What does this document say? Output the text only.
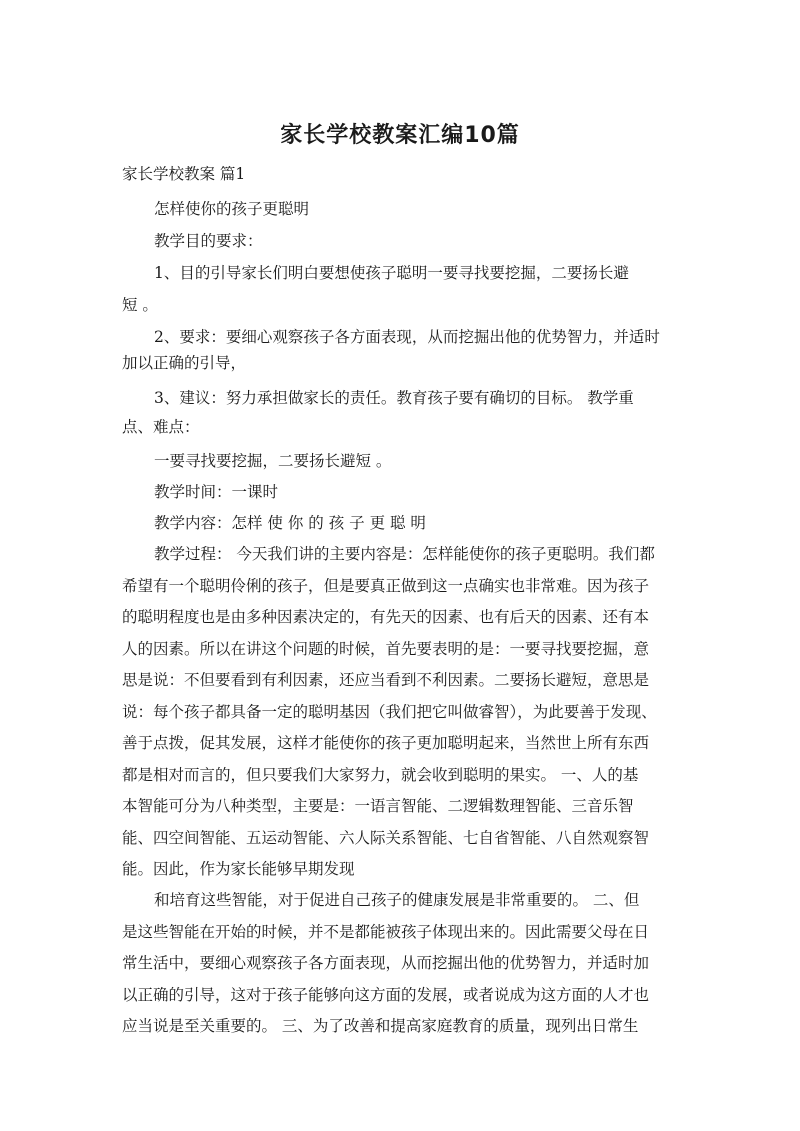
家长学校教案汇编10篇
家长学校教案 篇1
怎样使你的孩子更聪明
教学目的要求：
1、目的引导家长们明白要想使孩子聪明一要寻找要挖掘，二要扬长避
短 。
2、要求：要细心观察孩子各方面表现，从而挖掘出他的优势智力，并适时
加以正确的引导，
3、建议：努力承担做家长的责任。教育孩子要有确切的目标。 教学重
点、难点：
一要寻找要挖掘，二要扬长避短 。
教学时间：一课时
教学内容：怎样 使 你 的 孩 子 更 聪 明
教学过程： 今天我们讲的主要内容是：怎样能使你的孩子更聪明。我们都
希望有一个聪明伶俐的孩子，但是要真正做到这一点确实也非常难。因为孩子
的聪明程度也是由多种因素决定的，有先天的因素、也有后天的因素、还有本
人的因素。所以在讲这个问题的时候，首先要表明的是：一要寻找要挖掘，意
思是说：不但要看到有利因素，还应当看到不利因素。二要扬长避短，意思是
说：每个孩子都具备一定的聪明基因（我们把它叫做睿智），为此要善于发现、
善于点拨，促其发展，这样才能使你的孩子更加聪明起来，当然世上所有东西
都是相对而言的，但只要我们大家努力，就会收到聪明的果实。 一、人的基
本智能可分为八种类型，主要是：一语言智能、二逻辑数理智能、三音乐智
能、四空间智能、五运动智能、六人际关系智能、七自省智能、八自然观察智
能。因此，作为家长能够早期发现
和培育这些智能，对于促进自己孩子的健康发展是非常重要的。 二、但
是这些智能在开始的时候，并不是都能被孩子体现出来的。因此需要父母在日
常生活中，要细心观察孩子各方面表现，从而挖掘出他的优势智力，并适时加
以正确的引导，这对于孩子能够向这方面的发展，或者说成为这方面的人才也
应当说是至关重要的。 三、为了改善和提高家庭教育的质量，现列出日常生
